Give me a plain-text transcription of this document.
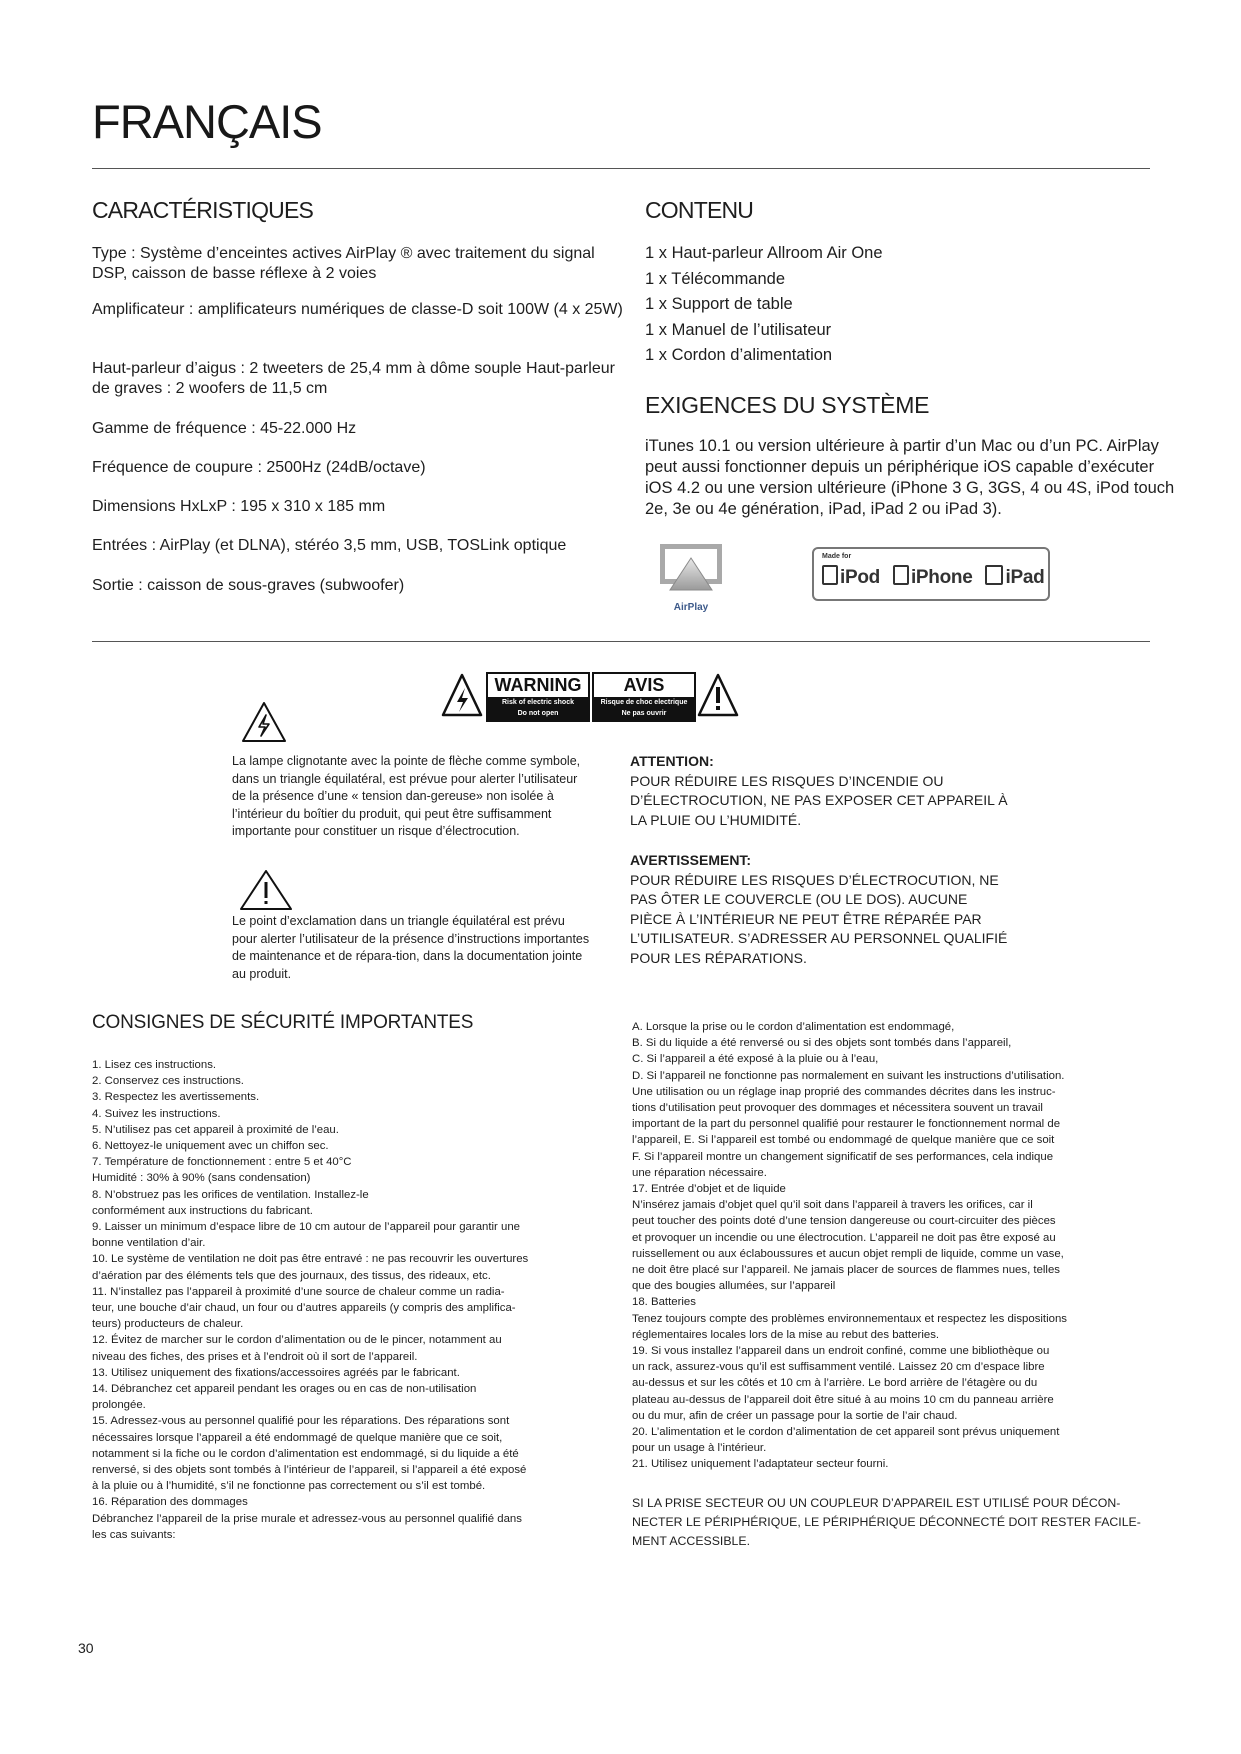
FRANÇAIS
CARACTÉRISTIQUES

Type : Système d’enceintes actives AirPlay ® avec traitement du signal DSP, caisson de basse réflexe à 2 voies

Amplificateur : amplificateurs numériques de classe-D soit 100W (4 x 25W)

Haut-parleur d’aigus : 2 tweeters de 25,4 mm à dôme souple Haut-parleur de graves : 2 woofers de 11,5 cm

Gamme de fréquence : 45-22.000 Hz

Fréquence de coupure : 2500Hz (24dB/octave)

Dimensions HxLxP : 195 x 310 x 185 mm

Entrées : AirPlay (et DLNA), stéréo 3,5 mm, USB, TOSLink optique

Sortie : caisson de sous-graves (subwoofer)

CONTENU
1 x Haut-parleur Allroom Air One
1 x Télécommande
1 x Support de table
1 x Manuel de l’utilisateur
1 x Cordon d’alimentation
EXIGENCES DU SYSTÈME
iTunes 10.1 ou version ultérieure à partir d’un Mac ou d’un PC. AirPlay peut aussi fonctionner depuis un périphérique iOS capable d’exécuter iOS 4.2 ou une version ultérieure (iPhone 3 G, 3GS, 4 ou 4S, iPod touch 2e, 3e ou 4e génération, iPad, iPad 2 ou iPad 3).
AirPlay
Made for
iPod iPhone iPad
WARNING
Risk of electric shock
Do not open
AVIS
Risque de choc electrique
Ne pas ouvrir
La lampe clignotante avec la pointe de flèche comme symbole, dans un triangle équilatéral, est prévue pour alerter l’utilisateur de la présence d’une « tension dan-gereuse» non isolée à l’intérieur du boîtier du produit, qui peut être suffisamment importante pour constituer un risque d’électrocution.
Le point d’exclamation dans un triangle équilatéral est prévu pour alerter l’utilisateur de la présence d’instructions importantes de maintenance et de répara-tion, dans la documentation jointe au produit.
ATTENTION:
POUR RÉDUIRE LES RISQUES D’INCENDIE OU D’ÉLECTROCUTION, NE PAS EXPOSER CET APPAREIL À LA PLUIE OU L’HUMIDITÉ.
AVERTISSEMENT:
POUR RÉDUIRE LES RISQUES D’ÉLECTROCUTION, NE PAS ÔTER LE COUVERCLE (OU LE DOS). AUCUNE PIÈCE À L’INTÉRIEUR NE PEUT ÊTRE RÉPARÉE PAR L’UTILISATEUR. S’ADRESSER AU PERSONNEL QUALIFIÉ POUR LES RÉPARATIONS.
CONSIGNES DE SÉCURITÉ IMPORTANTES
1. Lisez ces instructions.
2. Conservez ces instructions.
3. Respectez les avertissements.
4. Suivez les instructions.
5. N’utilisez pas cet appareil à proximité de l’eau.
6. Nettoyez-le uniquement avec un chiffon sec.
7. Température de fonctionnement : entre 5 et 40°C
Humidité : 30% à 90% (sans condensation)
8. N’obstruez pas les orifices de ventilation. Installez-le
conformément aux instructions du fabricant.
9. Laisser un minimum d’espace libre de 10 cm autour de l’appareil pour garantir une
bonne ventilation d’air.
10. Le système de ventilation ne doit pas être entravé : ne pas recouvrir les ouvertures
d’aération par des éléments tels que des journaux, des tissus, des rideaux, etc.
11. N’installez pas l’appareil à proximité d’une source de chaleur comme un radia-
teur, une bouche d’air chaud, un four ou d’autres appareils (y compris des amplifica-
teurs) producteurs de chaleur.
12. Évitez de marcher sur le cordon d’alimentation ou de le pincer, notamment au
niveau des fiches, des prises et à l’endroit où il sort de l’appareil.
13. Utilisez uniquement des fixations/accessoires agréés par le fabricant.
14. Débranchez cet appareil pendant les orages ou en cas de non-utilisation
prolongée.
15. Adressez-vous au personnel qualifié pour les réparations. Des réparations sont
nécessaires lorsque l’appareil a été endommagé de quelque manière que ce soit,
notamment si la fiche ou le cordon d’alimentation est endommagé, si du liquide a été
renversé, si des objets sont tombés à l’intérieur de l’appareil, si l’appareil a été exposé
à la pluie ou à l’humidité, s’il ne fonctionne pas correctement ou s’il est tombé.
16. Réparation des dommages
Débranchez l’appareil de la prise murale et adressez-vous au personnel qualifié dans
les cas suivants:
A. Lorsque la prise ou le cordon d’alimentation est endommagé,
B. Si du liquide a été renversé ou si des objets sont tombés dans l’appareil,
C. Si l’appareil a été exposé à la pluie ou à l’eau,
D. Si l’appareil ne fonctionne pas normalement en suivant les instructions d’utilisation.
Une utilisation ou un réglage inap proprié des commandes décrites dans les instruc-
tions d’utilisation peut provoquer des dommages et nécessitera souvent un travail
important de la part du personnel qualifié pour restaurer le fonctionnement normal de
l’appareil, E. Si l’appareil est tombé ou endommagé de quelque manière que ce soit
F. Si l’appareil montre un changement significatif de ses performances, cela indique
une réparation nécessaire.
17. Entrée d’objet et de liquide
N’insérez jamais d’objet quel qu’il soit dans l’appareil à travers les orifices, car il
peut toucher des points doté d’une tension dangereuse ou court-circuiter des pièces
et provoquer un incendie ou une électrocution. L’appareil ne doit pas être exposé au
ruissellement ou aux éclaboussures et aucun objet rempli de liquide, comme un vase,
ne doit être placé sur l’appareil. Ne jamais placer de sources de flammes nues, telles
que des bougies allumées, sur l’appareil
18. Batteries
Tenez toujours compte des problèmes environnementaux et respectez les dispositions
réglementaires locales lors de la mise au rebut des batteries.
19. Si vous installez l’appareil dans un endroit confiné, comme une bibliothèque ou
un rack, assurez-vous qu’il est suffisamment ventilé. Laissez 20 cm d’espace libre
au-dessus et sur les côtés et 10 cm à l’arrière. Le bord arrière de l’étagère ou du
plateau au-dessus de l’appareil doit être situé à au moins 10 cm du panneau arrière
ou du mur, afin de créer un passage pour la sortie de l’air chaud.
20. L’alimentation et le cordon d’alimentation de cet appareil sont prévus uniquement
pour un usage à l’intérieur.
21. Utilisez uniquement l’adaptateur secteur fourni.
SI LA PRISE SECTEUR OU UN COUPLEUR D’APPAREIL EST UTILISÉ POUR DÉCON-
NECTER LE PÉRIPHÉRIQUE, LE PÉRIPHÉRIQUE DÉCONNECTÉ DOIT RESTER FACILE-
MENT ACCESSIBLE.
30
